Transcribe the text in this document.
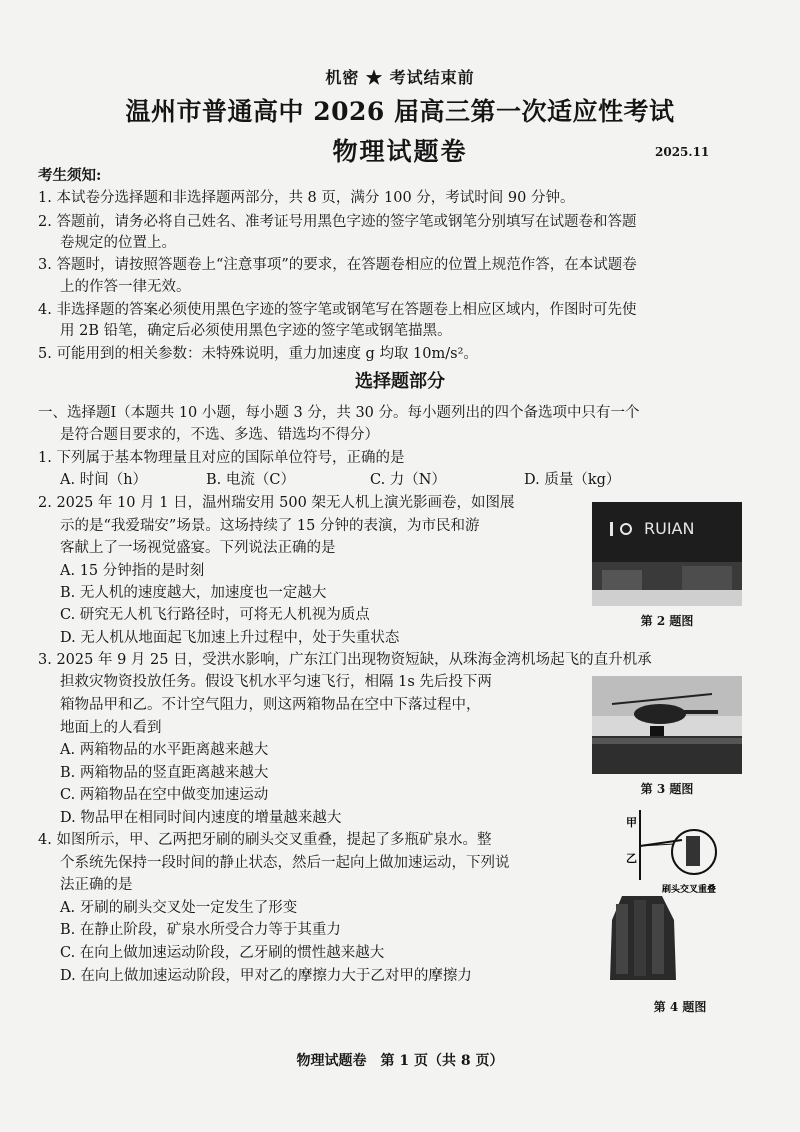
机密 ★ 考试结束前
温州市普通高中 2026 届高三第一次适应性考试
物理试题卷	2025.11
考生须知:
1. 本试卷分选择题和非选择题两部分，共 8 页，满分 100 分，考试时间 90 分钟。
2. 答题前，请务必将自己姓名、准考证号用黑色字迹的签字笔或钢笔分别填写在试题卷和答题
卷规定的位置上。
3. 答题时，请按照答题卷上“注意事项”的要求，在答题卷相应的位置上规范作答，在本试题卷
上的作答一律无效。
4. 非选择题的答案必须使用黑色字迹的签字笔或钢笔写在答题卷上相应区域内，作图时可先使
用 2B 铅笔，确定后必须使用黑色字迹的签字笔或钢笔描黑。
5. 可能用到的相关参数：未特殊说明，重力加速度 g 均取 10m/s²。
选择题部分
一、选择题Ⅰ（本题共 10 小题，每小题 3 分，共 30 分。每小题列出的四个备选项中只有一个
是符合题目要求的，不选、多选、错选均不得分）
1. 下列属于基本物理量且对应的国际单位符号，正确的是
A. 时间（h）	B. 电流（C）	C. 力（N）	D. 质量（kg）
2. 2025 年 10 月 1 日，温州瑞安用 500 架无人机上演光影画卷，如图展
示的是“我爱瑞安”场景。这场持续了 15 分钟的表演，为市民和游
客献上了一场视觉盛宴。下列说法正确的是
A. 15 分钟指的是时刻
B. 无人机的速度越大，加速度也一定越大
C. 研究无人机飞行路径时，可将无人机视为质点
D. 无人机从地面起飞加速上升过程中，处于失重状态
RUIAN
第 2 题图
3. 2025 年 9 月 25 日，受洪水影响，广东江门出现物资短缺，从珠海金湾机场起飞的直升机承
担救灾物资投放任务。假设飞机水平匀速飞行，相隔 1s 先后投下两
箱物品甲和乙。不计空气阻力，则这两箱物品在空中下落过程中，
地面上的人看到
A. 两箱物品的水平距离越来越大
B. 两箱物品的竖直距离越来越大
C. 两箱物品在空中做变加速运动
D. 物品甲在相同时间内速度的增量越来越大
第 3 题图
4. 如图所示，甲、乙两把牙刷的刷头交叉重叠，提起了多瓶矿泉水。整
个系统先保持一段时间的静止状态，然后一起向上做加速运动，下列说
法正确的是
A. 牙刷的刷头交叉处一定发生了形变
B. 在静止阶段，矿泉水所受合力等于其重力
C. 在向上做加速运动阶段，乙牙刷的惯性越来越大
D. 在向上做加速运动阶段，甲对乙的摩擦力大于乙对甲的摩擦力
甲
乙
刷头交叉重叠
第 4 题图
物理试题卷　第 1 页（共 8 页）
